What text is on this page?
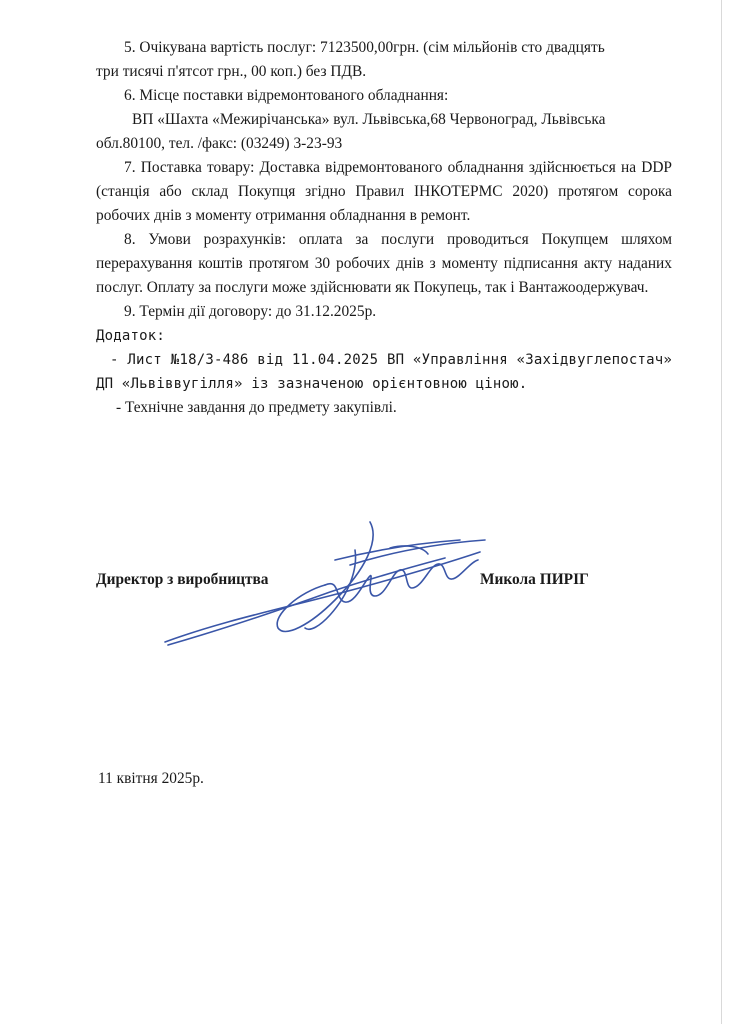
5. Очікувана вартість послуг: 7123500,00грн. (сім мільйонів сто двадцять

три тисячі п'ятсот грн., 00 коп.) без ПДВ.

6. Місце поставки відремонтованого обладнання:

ВП «Шахта «Межирічанська» вул. Львівська,68 Червоноград, Львівська

обл.80100, тел. /факс: (03249) 3-23-93

7. Поставка товару: Доставка відремонтованого обладнання здійснюється на DDP (станція або склад Покупця згідно Правил ІНКОТЕРМС 2020) протягом сорока робочих днів з моменту отримання обладнання в ремонт.

8. Умови розрахунків: оплата за послуги проводиться Покупцем шляхом перерахування коштів протягом 30 робочих днів з моменту підписання акту наданих послуг. Оплату за послуги може здійснювати як Покупець, так і Вантажоодержувач.

9. Термін дії договору: до 31.12.2025р.

Додаток:

- Лист №18/3-486 від 11.04.2025 ВП «Управління «Західвуглепостач» ДП «Львіввугілля» із зазначеною орієнтовною ціною.

- Технічне завдання до предмету закупівлі.

Директор з виробництва	Микола ПИРІГ
11 квітня 2025р.
